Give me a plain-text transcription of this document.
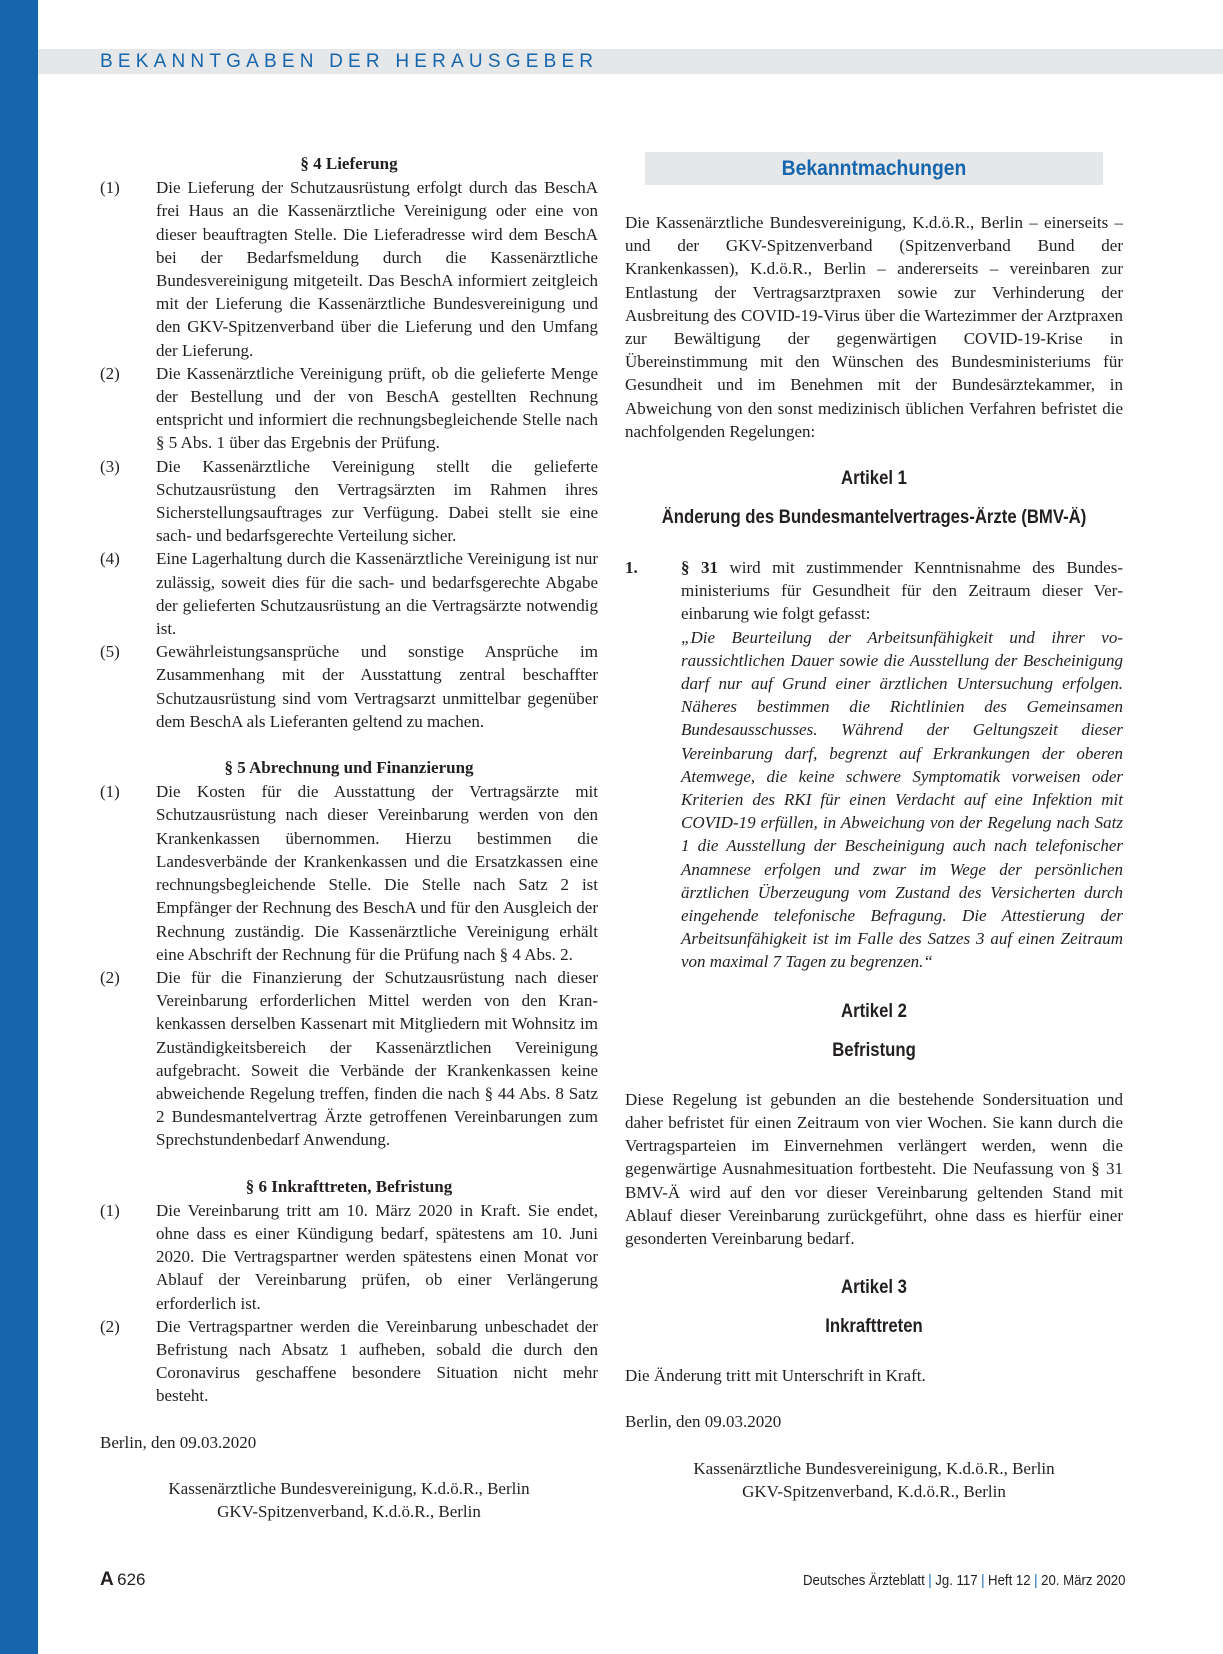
BEKANNTGABEN DER HERAUSGEBER
§ 4 Lieferung
(1)	Die Lieferung der Schutzausrüstung erfolgt durch das BeschA frei Haus an die Kassenärztliche Vereinigung oder eine von dieser beauftragten Stelle. Die Lieferadresse wird dem BeschA bei der Bedarfsmeldung durch die Kassenärztliche Bundesvereinigung mitgeteilt. Das BeschA informiert zeitgleich mit der Lieferung die Kassenärztliche Bundesvereinigung und den GKV-Spitzenverband über die Lieferung und den Umfang der Lieferung.
(2)	Die Kassenärztliche Vereinigung prüft, ob die gelieferte Menge der Bestellung und der von BeschA gestellten Rechnung entspricht und informiert die rechnungsbegleichende Stelle nach § 5 Abs. 1 über das Ergebnis der Prüfung.
(3)	Die Kassenärztliche Vereinigung stellt die gelieferte Schutzausrüstung den Vertragsärzten im Rahmen ihres Sicherstellungsauftrages zur Verfügung. Dabei stellt sie eine sach- und bedarfsgerechte Verteilung sicher.
(4)	Eine Lagerhaltung durch die Kassenärztliche Vereinigung ist nur zulässig, soweit dies für die sach- und bedarfsgerechte Abgabe der gelieferten Schutzausrüstung an die Vertragsärzte notwendig ist.
(5)	Gewährleistungsansprüche und sonstige Ansprüche im Zusammenhang mit der Ausstattung zentral beschaffter Schutzausrüstung sind vom Vertragsarzt unmittelbar gegenüber dem BeschA als Lieferanten geltend zu machen.
§ 5 Abrechnung und Finanzierung
(1)	Die Kosten für die Ausstattung der Vertragsärzte mit Schutzausrüstung nach dieser Vereinbarung werden von den Krankenkassen übernommen. Hierzu bestimmen die Landesverbände der Krankenkassen und die Ersatzkassen eine rechnungsbegleichende Stelle. Die Stelle nach Satz 2 ist Empfänger der Rechnung des BeschA und für den Ausgleich der Rechnung zuständig. Die Kassenärztliche Vereinigung erhält eine Abschrift der Rechnung für die Prüfung nach § 4 Abs. 2.
(2)	Die für die Finanzierung der Schutzausrüstung nach dieser Vereinbarung erforderlichen Mittel werden von den Krankenkassen derselben Kassenart mit Mitgliedern mit Wohnsitz im Zuständigkeitsbereich der Kassenärztlichen Vereinigung aufgebracht. Soweit die Verbände der Krankenkassen keine abweichende Regelung treffen, finden die nach § 44 Abs. 8 Satz 2 Bundesmantelvertrag Ärzte getroffenen Vereinbarungen zum Sprechstundenbedarf Anwendung.
§ 6 Inkrafttreten, Befristung
(1)	Die Vereinbarung tritt am 10. März 2020 in Kraft. Sie endet, ohne dass es einer Kündigung bedarf, spätestens am 10. Juni 2020. Die Vertragspartner werden spätestens einen Monat vor Ablauf der Vereinbarung prüfen, ob einer Verlängerung erforderlich ist.
(2)	Die Vertragspartner werden die Vereinbarung unbeschadet der Befristung nach Absatz 1 aufheben, sobald die durch den Coronavirus geschaffene besondere Situation nicht mehr besteht.
Berlin, den 09.03.2020
Kassenärztliche Bundesvereinigung, K.d.ö.R., Berlin
GKV-Spitzenverband, K.d.ö.R., Berlin
Bekanntmachungen
Die Kassenärztliche Bundesvereinigung, K.d.ö.R., Berlin – einerseits – und der GKV-Spitzenverband (Spitzenverband Bund der Krankenkassen), K.d.ö.R., Berlin – andererseits – vereinbaren zur Entlastung der Vertragsarztpraxen sowie zur Verhinderung der Ausbreitung des COVID-19-Virus über die Wartezimmer der Arztpraxen zur Bewältigung der gegenwärtigen COVID-19-Krise in Übereinstimmung mit den Wünschen des Bundesministeriums für Gesundheit und im Benehmen mit der Bundesärztekammer, in Abweichung von den sonst medizinisch üblichen Verfahren befristet die nachfolgenden Regelungen:
Artikel 1
Änderung des Bundesmantelvertrages-Ärzte (BMV-Ä)
1.	§ 31 wird mit zustimmender Kenntnisnahme des Bundesministeriums für Gesundheit für den Zeitraum dieser Vereinbarung wie folgt gefasst:
„Die Beurteilung der Arbeitsunfähigkeit und ihrer voraussichtlichen Dauer sowie die Ausstellung der Bescheinigung darf nur auf Grund einer ärztlichen Untersuchung erfolgen. Näheres bestimmen die Richtlinien des Gemeinsamen Bundesausschusses. Während der Geltungszeit dieser Vereinbarung darf, begrenzt auf Erkrankungen der oberen Atemwege, die keine schwere Symptomatik vorweisen oder Kriterien des RKI für einen Verdacht auf eine Infektion mit COVID-19 erfüllen, in Abweichung von der Regelung nach Satz 1 die Ausstellung der Bescheinigung auch nach telefonischer Anamnese erfolgen und zwar im Wege der persönlichen ärztlichen Überzeugung vom Zustand des Versicherten durch eingehende telefonische Befragung. Die Attestierung der Arbeitsunfähigkeit ist im Falle des Satzes 3 auf einen Zeitraum von maximal 7 Tagen zu begrenzen.“
Artikel 2
Befristung
Diese Regelung ist gebunden an die bestehende Sondersituation und daher befristet für einen Zeitraum von vier Wochen. Sie kann durch die Vertragsparteien im Einvernehmen verlängert werden, wenn die gegenwärtige Ausnahmesituation fortbesteht. Die Neufassung von § 31 BMV-Ä wird auf den vor dieser Vereinbarung geltenden Stand mit Ablauf dieser Vereinbarung zurückgeführt, ohne dass es hierfür einer gesonderten Vereinbarung bedarf.
Artikel 3
Inkrafttreten
Die Änderung tritt mit Unterschrift in Kraft.
Berlin, den 09.03.2020
Kassenärztliche Bundesvereinigung, K.d.ö.R., Berlin
GKV-Spitzenverband, K.d.ö.R., Berlin
A  626	Deutsches Ärzteblatt | Jg. 117 | Heft 12 | 20. März 2020
